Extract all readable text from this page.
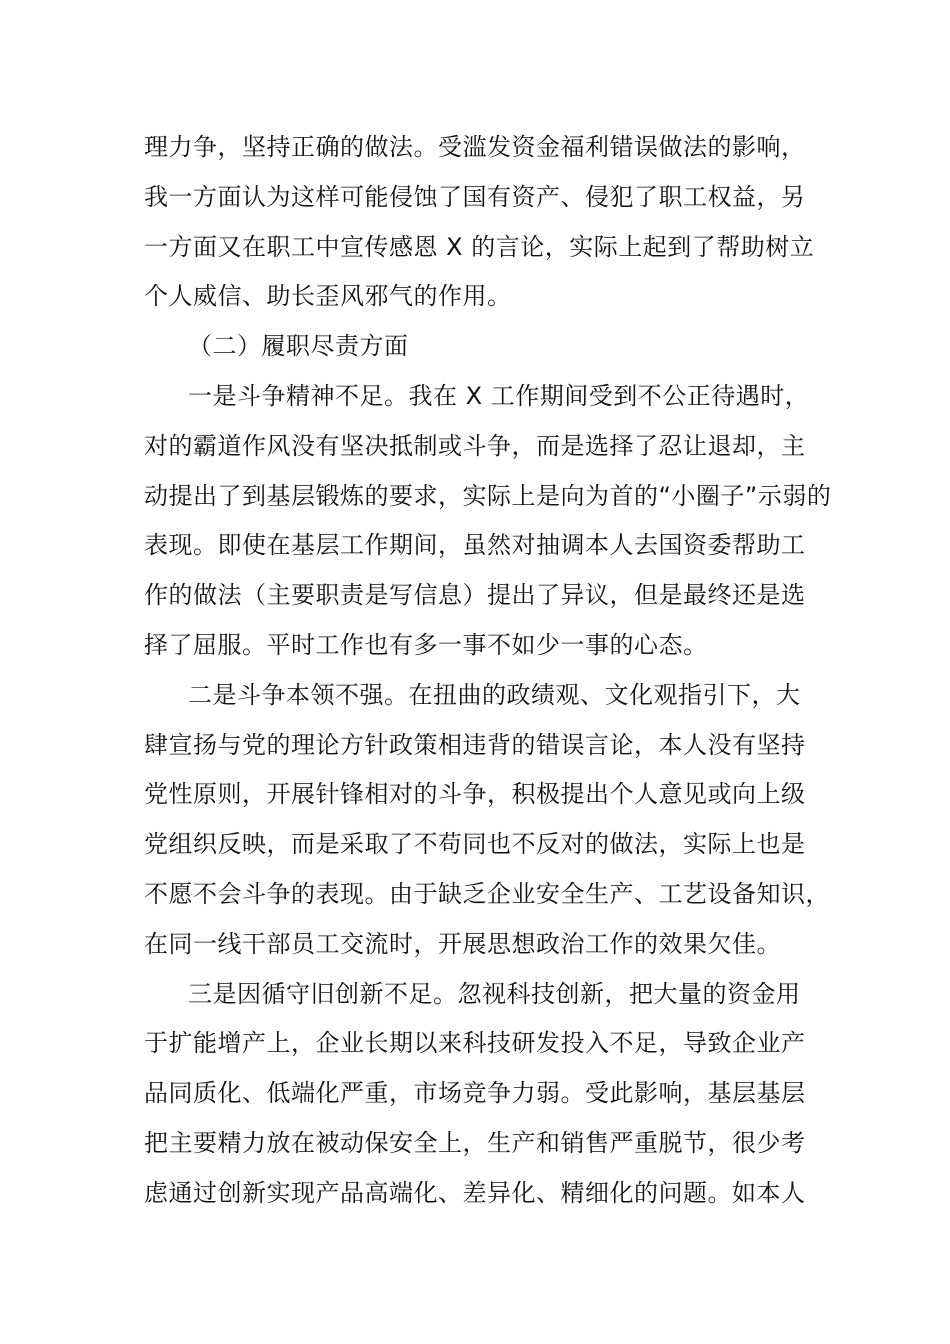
理力争，坚持正确的做法。受滥发资金福利错误做法的影响，
我一方面认为这样可能侵蚀了国有资产、侵犯了职工权益，另
一方面又在职工中宣传感恩 X 的言论，实际上起到了帮助树立
个人威信、助长歪风邪气的作用。
（二）履职尽责方面
一是斗争精神不足。我在 X 工作期间受到不公正待遇时，
对的霸道作风没有坚决抵制或斗争，而是选择了忍让退却，主
动提出了到基层锻炼的要求，实际上是向为首的“小圈子”示弱的
表现。即使在基层工作期间，虽然对抽调本人去国资委帮助工
作的做法（主要职责是写信息）提出了异议，但是最终还是选
择了屈服。平时工作也有多一事不如少一事的心态。
二是斗争本领不强。在扭曲的政绩观、文化观指引下，大
肆宣扬与党的理论方针政策相违背的错误言论，本人没有坚持
党性原则，开展针锋相对的斗争，积极提出个人意见或向上级
党组织反映，而是采取了不苟同也不反对的做法，实际上也是
不愿不会斗争的表现。由于缺乏企业安全生产、工艺设备知识，
在同一线干部员工交流时，开展思想政治工作的效果欠佳。
三是因循守旧创新不足。忽视科技创新，把大量的资金用
于扩能增产上，企业长期以来科技研发投入不足，导致企业产
品同质化、低端化严重，市场竞争力弱。受此影响，基层基层
把主要精力放在被动保安全上，生产和销售严重脱节，很少考
虑通过创新实现产品高端化、差异化、精细化的问题。如本人
